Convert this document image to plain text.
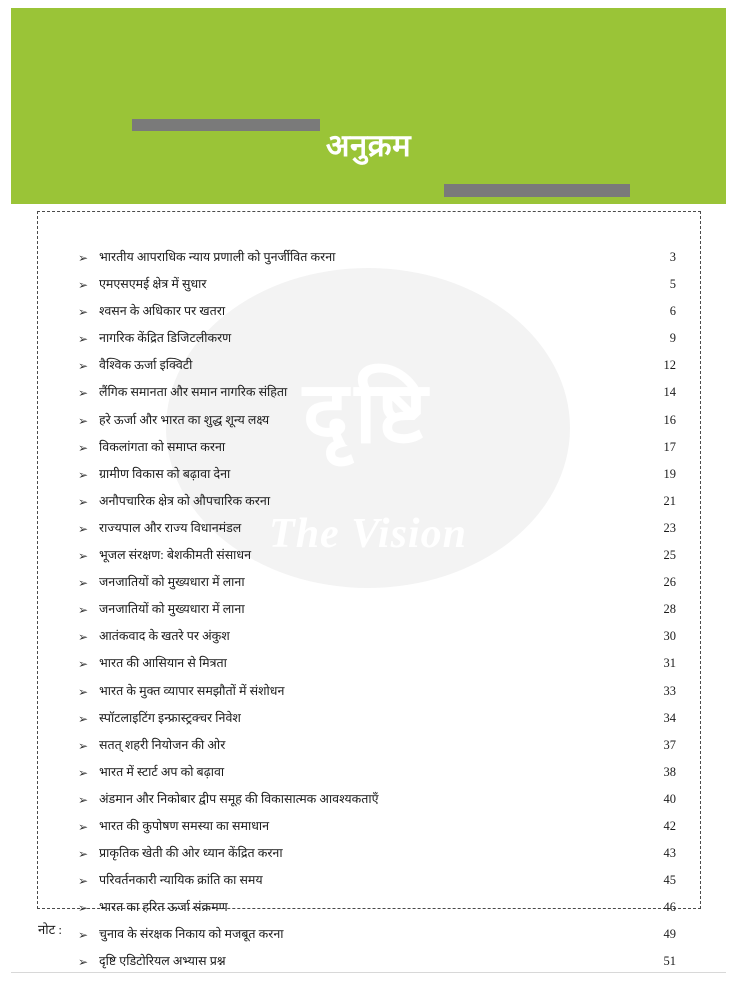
अनुक्रम
दृष्टि
The Vision
➢ भारतीय आपराधिक न्याय प्रणाली को पुनर्जीवित करना	3
➢ एमएसएमई क्षेत्र में सुधार	5
➢ श्वसन के अधिकार पर खतरा	6
➢ नागरिक केंद्रित डिजिटलीकरण	9
➢ वैश्विक ऊर्जा इक्विटी	12
➢ लैंगिक समानता और समान नागरिक संहिता	14
➢ हरे ऊर्जा और भारत का शुद्ध शून्य लक्ष्य	16
➢ विकलांगता को समाप्त करना	17
➢ ग्रामीण विकास को बढ़ावा देना	19
➢ अनौपचारिक क्षेत्र को औपचारिक करना	21
➢ राज्यपाल और राज्य विधानमंडल	23
➢ भूजल संरक्षण: बेशकीमती संसाधन	25
➢ जनजातियों को मुख्यधारा में लाना	26
➢ जनजातियों को मुख्यधारा में लाना	28
➢ आतंकवाद के खतरे पर अंकुश	30
➢ भारत की आसियान से मित्रता	31
➢ भारत के मुक्त व्यापार समझौतों में संशोधन	33
➢ स्पॉटलाइटिंग इन्फ्रास्ट्रक्चर निवेश	34
➢ सतत् शहरी नियोजन की ओर	37
➢ भारत में स्टार्ट अप को बढ़ावा	38
➢ अंडमान और निकोबार द्वीप समूह की विकासात्मक आवश्यकताएँ	40
➢ भारत की कुपोषण समस्या का समाधान	42
➢ प्राकृतिक खेती की ओर ध्यान केंद्रित करना	43
➢ परिवर्तनकारी न्यायिक क्रांति का समय	45
➢ भारत का हरित ऊर्जा संक्रमण	46
➢ चुनाव के संरक्षक निकाय को मजबूत करना	49
➢ दृष्टि एडिटोरियल अभ्यास प्रश्न	51
नोट :
